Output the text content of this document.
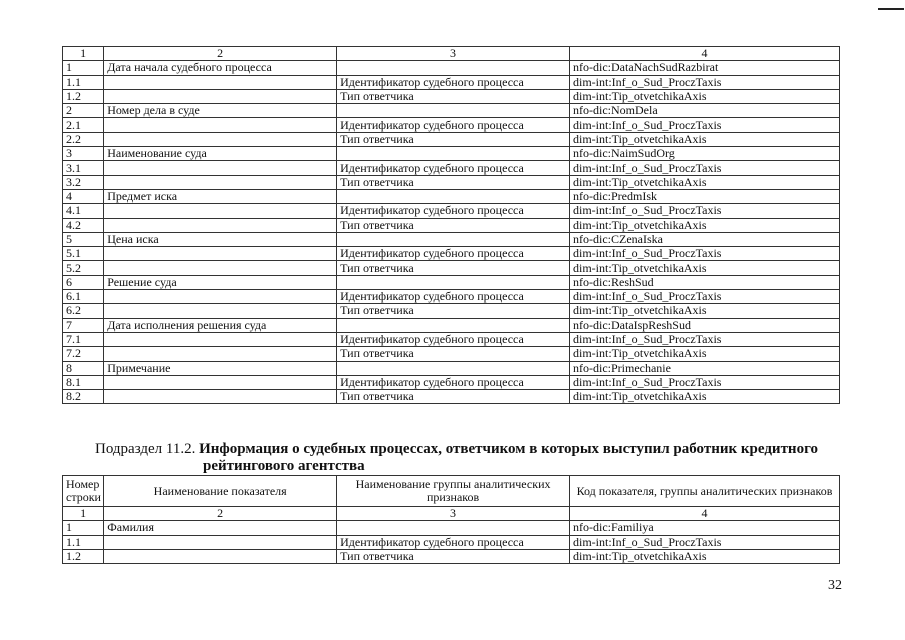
1	2	3	4
1	Дата начала судебного процесса		nfo-dic:DataNachSudRazbirat
1.1		Идентификатор судебного процесса	dim-int:Inf_o_Sud_ProczTaxis
1.2		Тип ответчика	dim-int:Tip_otvetchikaAxis
2	Номер дела в суде		nfo-dic:NomDela
2.1		Идентификатор судебного процесса	dim-int:Inf_o_Sud_ProczTaxis
2.2		Тип ответчика	dim-int:Tip_otvetchikaAxis
3	Наименование суда		nfo-dic:NaimSudOrg
3.1		Идентификатор судебного процесса	dim-int:Inf_o_Sud_ProczTaxis
3.2		Тип ответчика	dim-int:Tip_otvetchikaAxis
4	Предмет иска		nfo-dic:PredmIsk
4.1		Идентификатор судебного процесса	dim-int:Inf_o_Sud_ProczTaxis
4.2		Тип ответчика	dim-int:Tip_otvetchikaAxis
5	Цена иска		nfo-dic:CZenaIska
5.1		Идентификатор судебного процесса	dim-int:Inf_o_Sud_ProczTaxis
5.2		Тип ответчика	dim-int:Tip_otvetchikaAxis
6	Решение суда		nfo-dic:ReshSud
6.1		Идентификатор судебного процесса	dim-int:Inf_o_Sud_ProczTaxis
6.2		Тип ответчика	dim-int:Tip_otvetchikaAxis
7	Дата исполнения решения суда		nfo-dic:DataIspReshSud
7.1		Идентификатор судебного процесса	dim-int:Inf_o_Sud_ProczTaxis
7.2		Тип ответчика	dim-int:Tip_otvetchikaAxis
8	Примечание		nfo-dic:Primechanie
8.1		Идентификатор судебного процесса	dim-int:Inf_o_Sud_ProczTaxis
8.2		Тип ответчика	dim-int:Tip_otvetchikaAxis
Подраздел 11.2. Информация о судебных процессах, ответчиком в которых выступил работник кредитного
рейтингового агентства
Номер строки	Наименование показателя	Наименование группы аналитических признаков	Код показателя, группы аналитических признаков
1	2	3	4
1	Фамилия		nfo-dic:Familiya
1.1		Идентификатор судебного процесса	dim-int:Inf_o_Sud_ProczTaxis
1.2		Тип ответчика	dim-int:Tip_otvetchikaAxis
32
